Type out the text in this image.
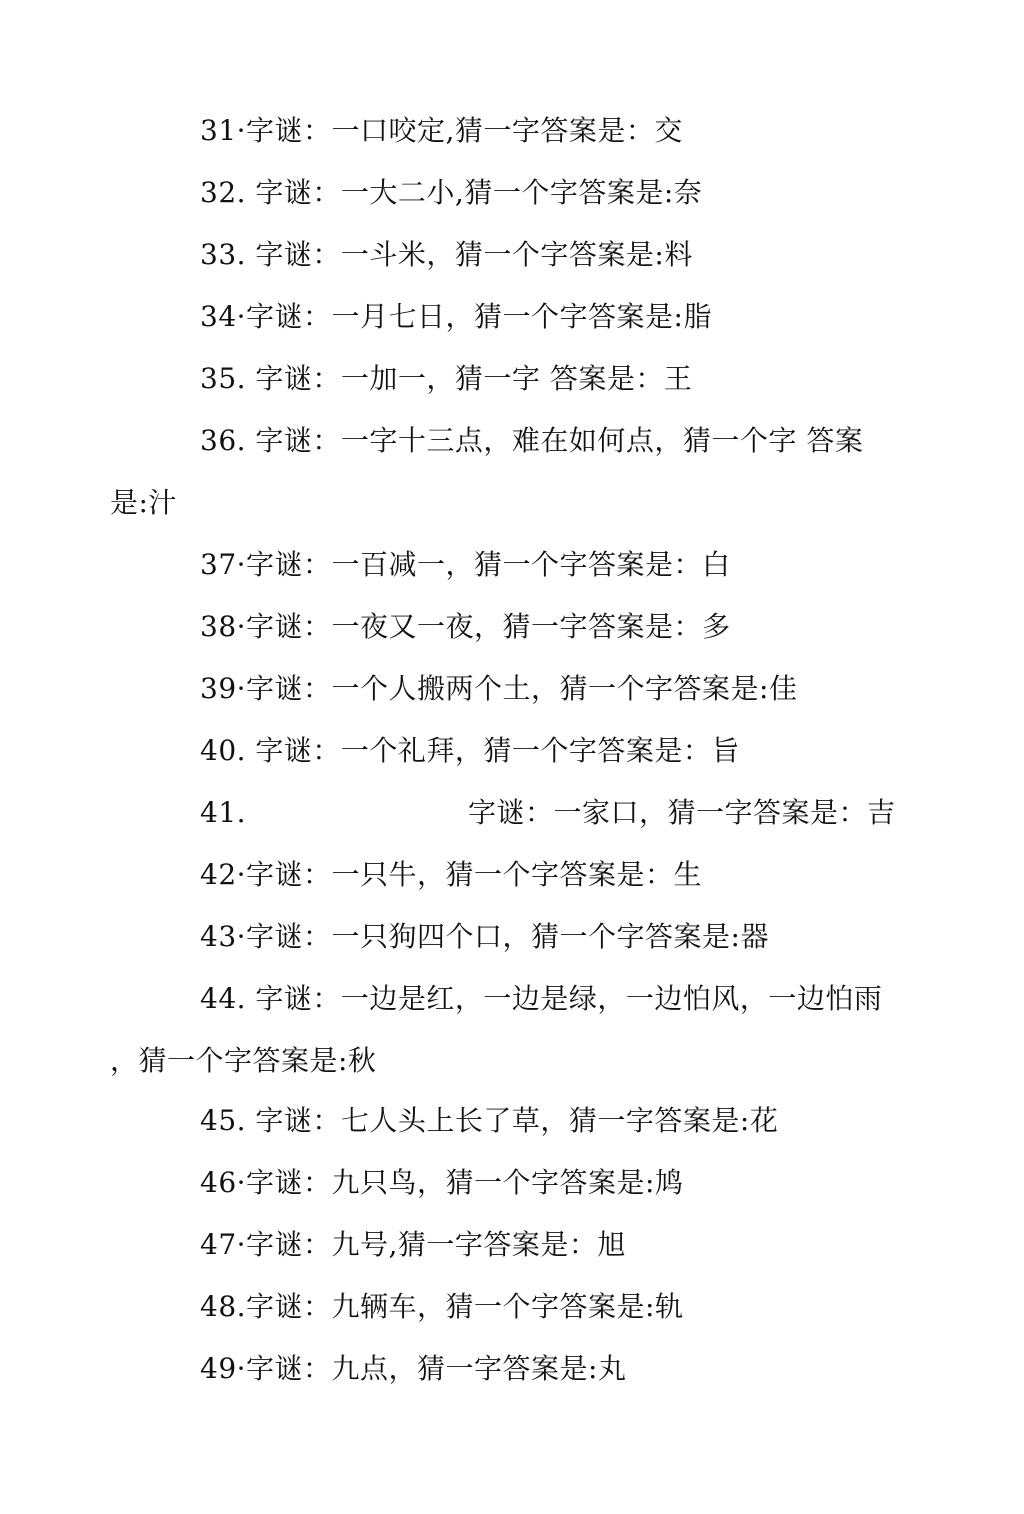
31·字谜：一口咬定,猜一字答案是：交
32. 字谜：一大二小,猜一个字答案是:奈
33. 字谜：一斗米，猜一个字答案是:料
34·字谜：一月七日，猜一个字答案是:脂
35. 字谜：一加一，猜一字 答案是：王
36. 字谜：一字十三点，难在如何点，猜一个字 答案
是:汁
37·字谜：一百减一，猜一个字答案是：白
38·字谜：一夜又一夜，猜一字答案是：多
39·字谜：一个人搬两个土，猜一个字答案是:佳
40. 字谜：一个礼拜，猜一个字答案是：旨
41.	字谜：一家口，猜一字答案是：吉
42·字谜：一只牛，猜一个字答案是：生
43·字谜：一只狗四个口，猜一个字答案是:器
44. 字谜：一边是红，一边是绿，一边怕风，一边怕雨
，猜一个字答案是:秋
45. 字谜：七人头上长了草，猜一字答案是:花
46·字谜：九只鸟，猜一个字答案是:鸠
47·字谜：九号,猜一字答案是：旭
48.字谜：九辆车，猜一个字答案是:轨
49·字谜：九点，猜一字答案是:丸
